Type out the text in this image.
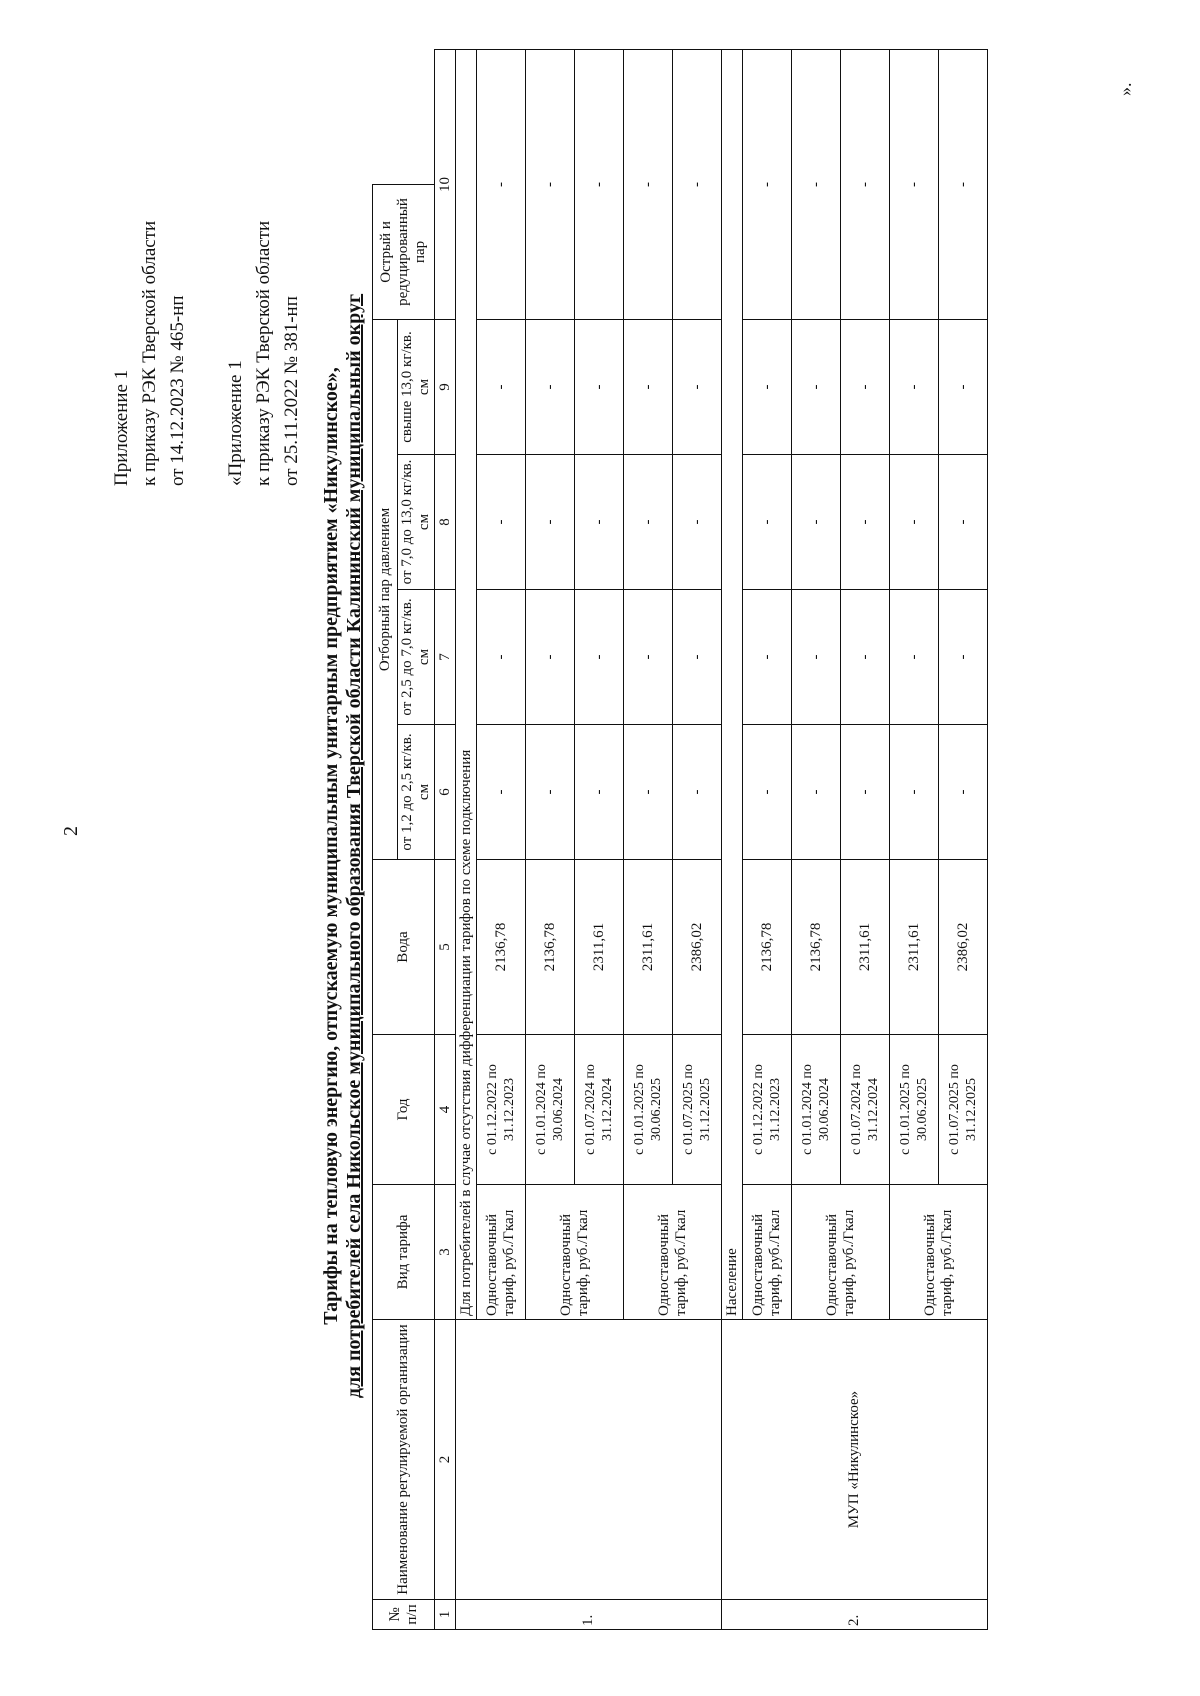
2
Приложение 1 к приказу РЭК Тверской области от 14.12.2023 № 465-нп «Приложение 1 к приказу РЭК Тверской области от 25.11.2022 № 381-нп Тарифы на тепловую энергию, отпускаемую муниципальным унитарным предприятием «Никулинское», для потребителей села Никольское муниципального образования Тверской области Калининский муниципальный округ
№ п/п	Наименование регулируемой организации	Вид тарифа	Год	Вода	Отборный пар давлением				Острый и редуцированный пар
					от 1,2 до 2,5 кг/кв. см	от 2,5 до 7,0 кг/кв. см	от 7,0 до 13,0 кг/кв. см	свыше 13,0 кг/кв. см	
1	2	3	4	5	6	7	8	9	10
1.		Для потребителей в случае отсутствия дифференциации тарифов по схеме подключения							
		Одноставочный тариф, руб./Гкал	с 01.12.2022 по 31.12.2023	2136,78	-	-	-	-	-
		Одноставочный тариф, руб./Гкал	с 01.01.2024 по 30.06.2024	2136,78	-	-	-	-	-
			с 01.07.2024 по 31.12.2024	2311,61	-	-	-	-	-
		Одноставочный тариф, руб./Гкал	с 01.01.2025 по 30.06.2025	2311,61	-	-	-	-	-
			с 01.07.2025 по 31.12.2025	2386,02	-	-	-	-	-
2.	МУП «Никулинское»	Население							
		Одноставочный тариф, руб./Гкал	с 01.12.2022 по 31.12.2023	2136,78	-	-	-	-	-
		Одноставочный тариф, руб./Гкал	с 01.01.2024 по 30.06.2024	2136,78	-	-	-	-	-
			с 01.07.2024 по 31.12.2024	2311,61	-	-	-	-	-
		Одноставочный тариф, руб./Гкал	с 01.01.2025 по 30.06.2025	2311,61	-	-	-	-	-
			с 01.07.2025 по 31.12.2025	2386,02	-	-	-	-	-
».
